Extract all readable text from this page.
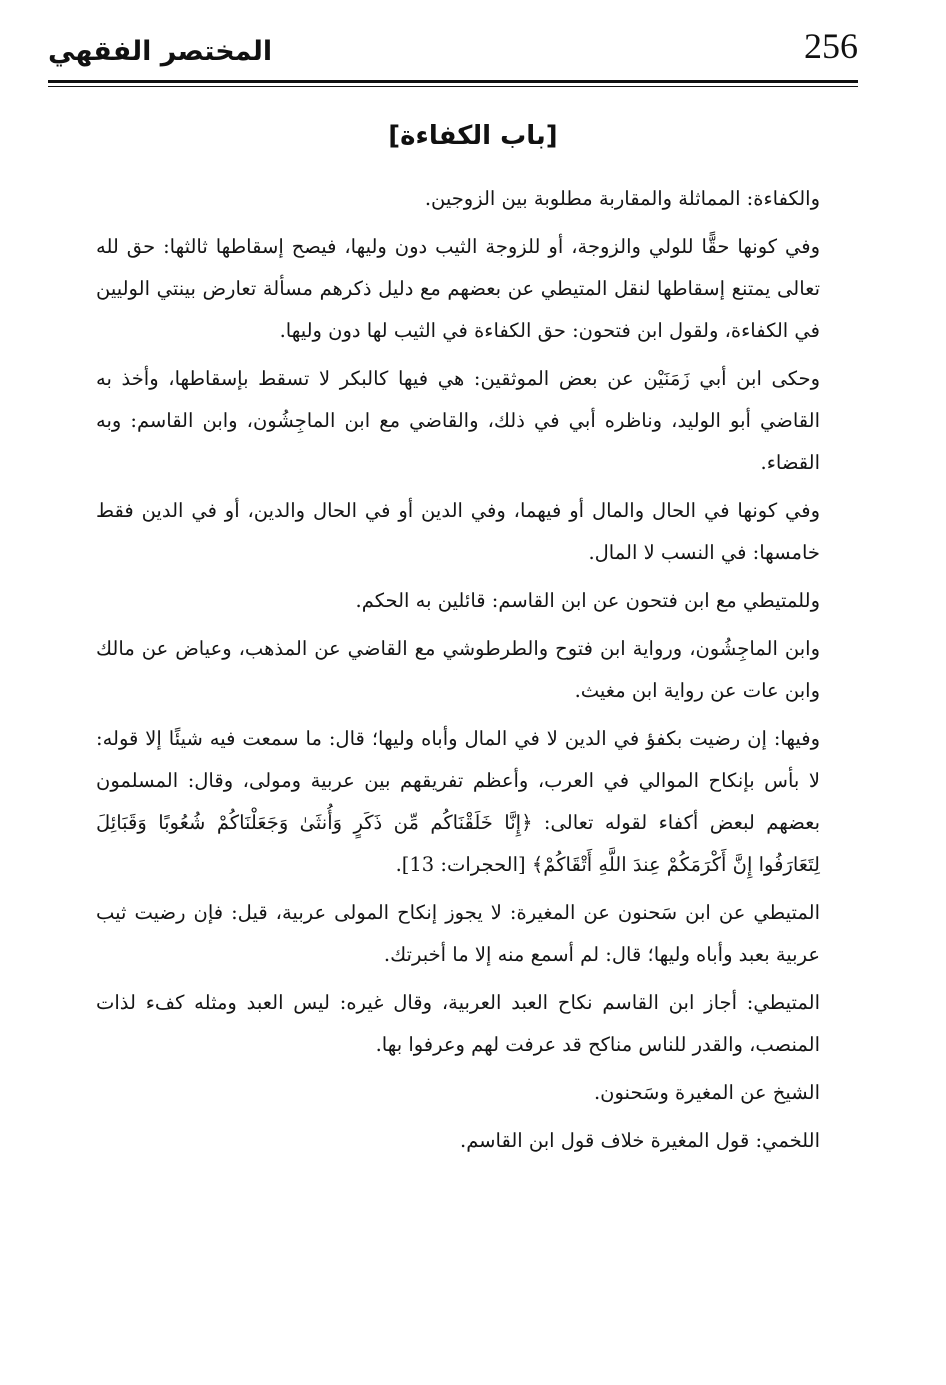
256
المختصر الفقهي
[باب الكفاءة]

والكفاءة: المماثلة والمقاربة مطلوبة بين الزوجين.

وفي كونها حقًّا للولي والزوجة، أو للزوجة الثيب دون وليها، فيصح إسقاطها ثالثها: حق لله تعالى يمتنع إسقاطها لنقل المتيطي عن بعضهم مع دليل ذكرهم مسألة تعارض بينتي الوليين في الكفاءة، ولقول ابن فتحون: حق الكفاءة في الثيب لها دون وليها.

وحكى ابن أبي زَمَنَيْن عن بعض الموثقين: هي فيها كالبكر لا تسقط بإسقاطها، وأخذ به القاضي أبو الوليد، وناظره أبي في ذلك، والقاضي مع ابن الماجِشُون، وابن القاسم: وبه القضاء.

وفي كونها في الحال والمال أو فيهما، وفي الدين أو في الحال والدين، أو في الدين فقط خامسها: في النسب لا المال.

وللمتيطي مع ابن فتحون عن ابن القاسم: قائلين به الحكم.

وابن الماجِشُون، ورواية ابن فتوح والطرطوشي مع القاضي عن المذهب، وعياض عن مالك وابن عات عن رواية ابن مغيث.

وفيها: إن رضيت بكفؤ في الدين لا في المال وأباه وليها؛ قال: ما سمعت فيه شيئًا إلا قوله: لا بأس بإنكاح الموالي في العرب، وأعظم تفريقهم بين عربية ومولى، وقال: المسلمون بعضهم لبعض أكفاء لقوله تعالى: ﴿إِنَّا خَلَقْنَاكُم مِّن ذَكَرٍ وَأُنثَىٰ وَجَعَلْنَاكُمْ شُعُوبًا وَقَبَائِلَ لِتَعَارَفُوا إِنَّ أَكْرَمَكُمْ عِندَ اللَّهِ أَتْقَاكُمْ﴾ [الحجرات: 13].

المتيطي عن ابن سَحنون عن المغيرة: لا يجوز إنكاح المولى عربية، قيل: فإن رضيت ثيب عربية بعبد وأباه وليها؛ قال: لم أسمع منه إلا ما أخبرتك.

المتيطي: أجاز ابن القاسم نكاح العبد العربية، وقال غيره: ليس العبد ومثله كفء لذات المنصب، والقدر للناس مناكح قد عرفت لهم وعرفوا بها.

الشيخ عن المغيرة وسَحنون.

اللخمي: قول المغيرة خلاف قول ابن القاسم.
